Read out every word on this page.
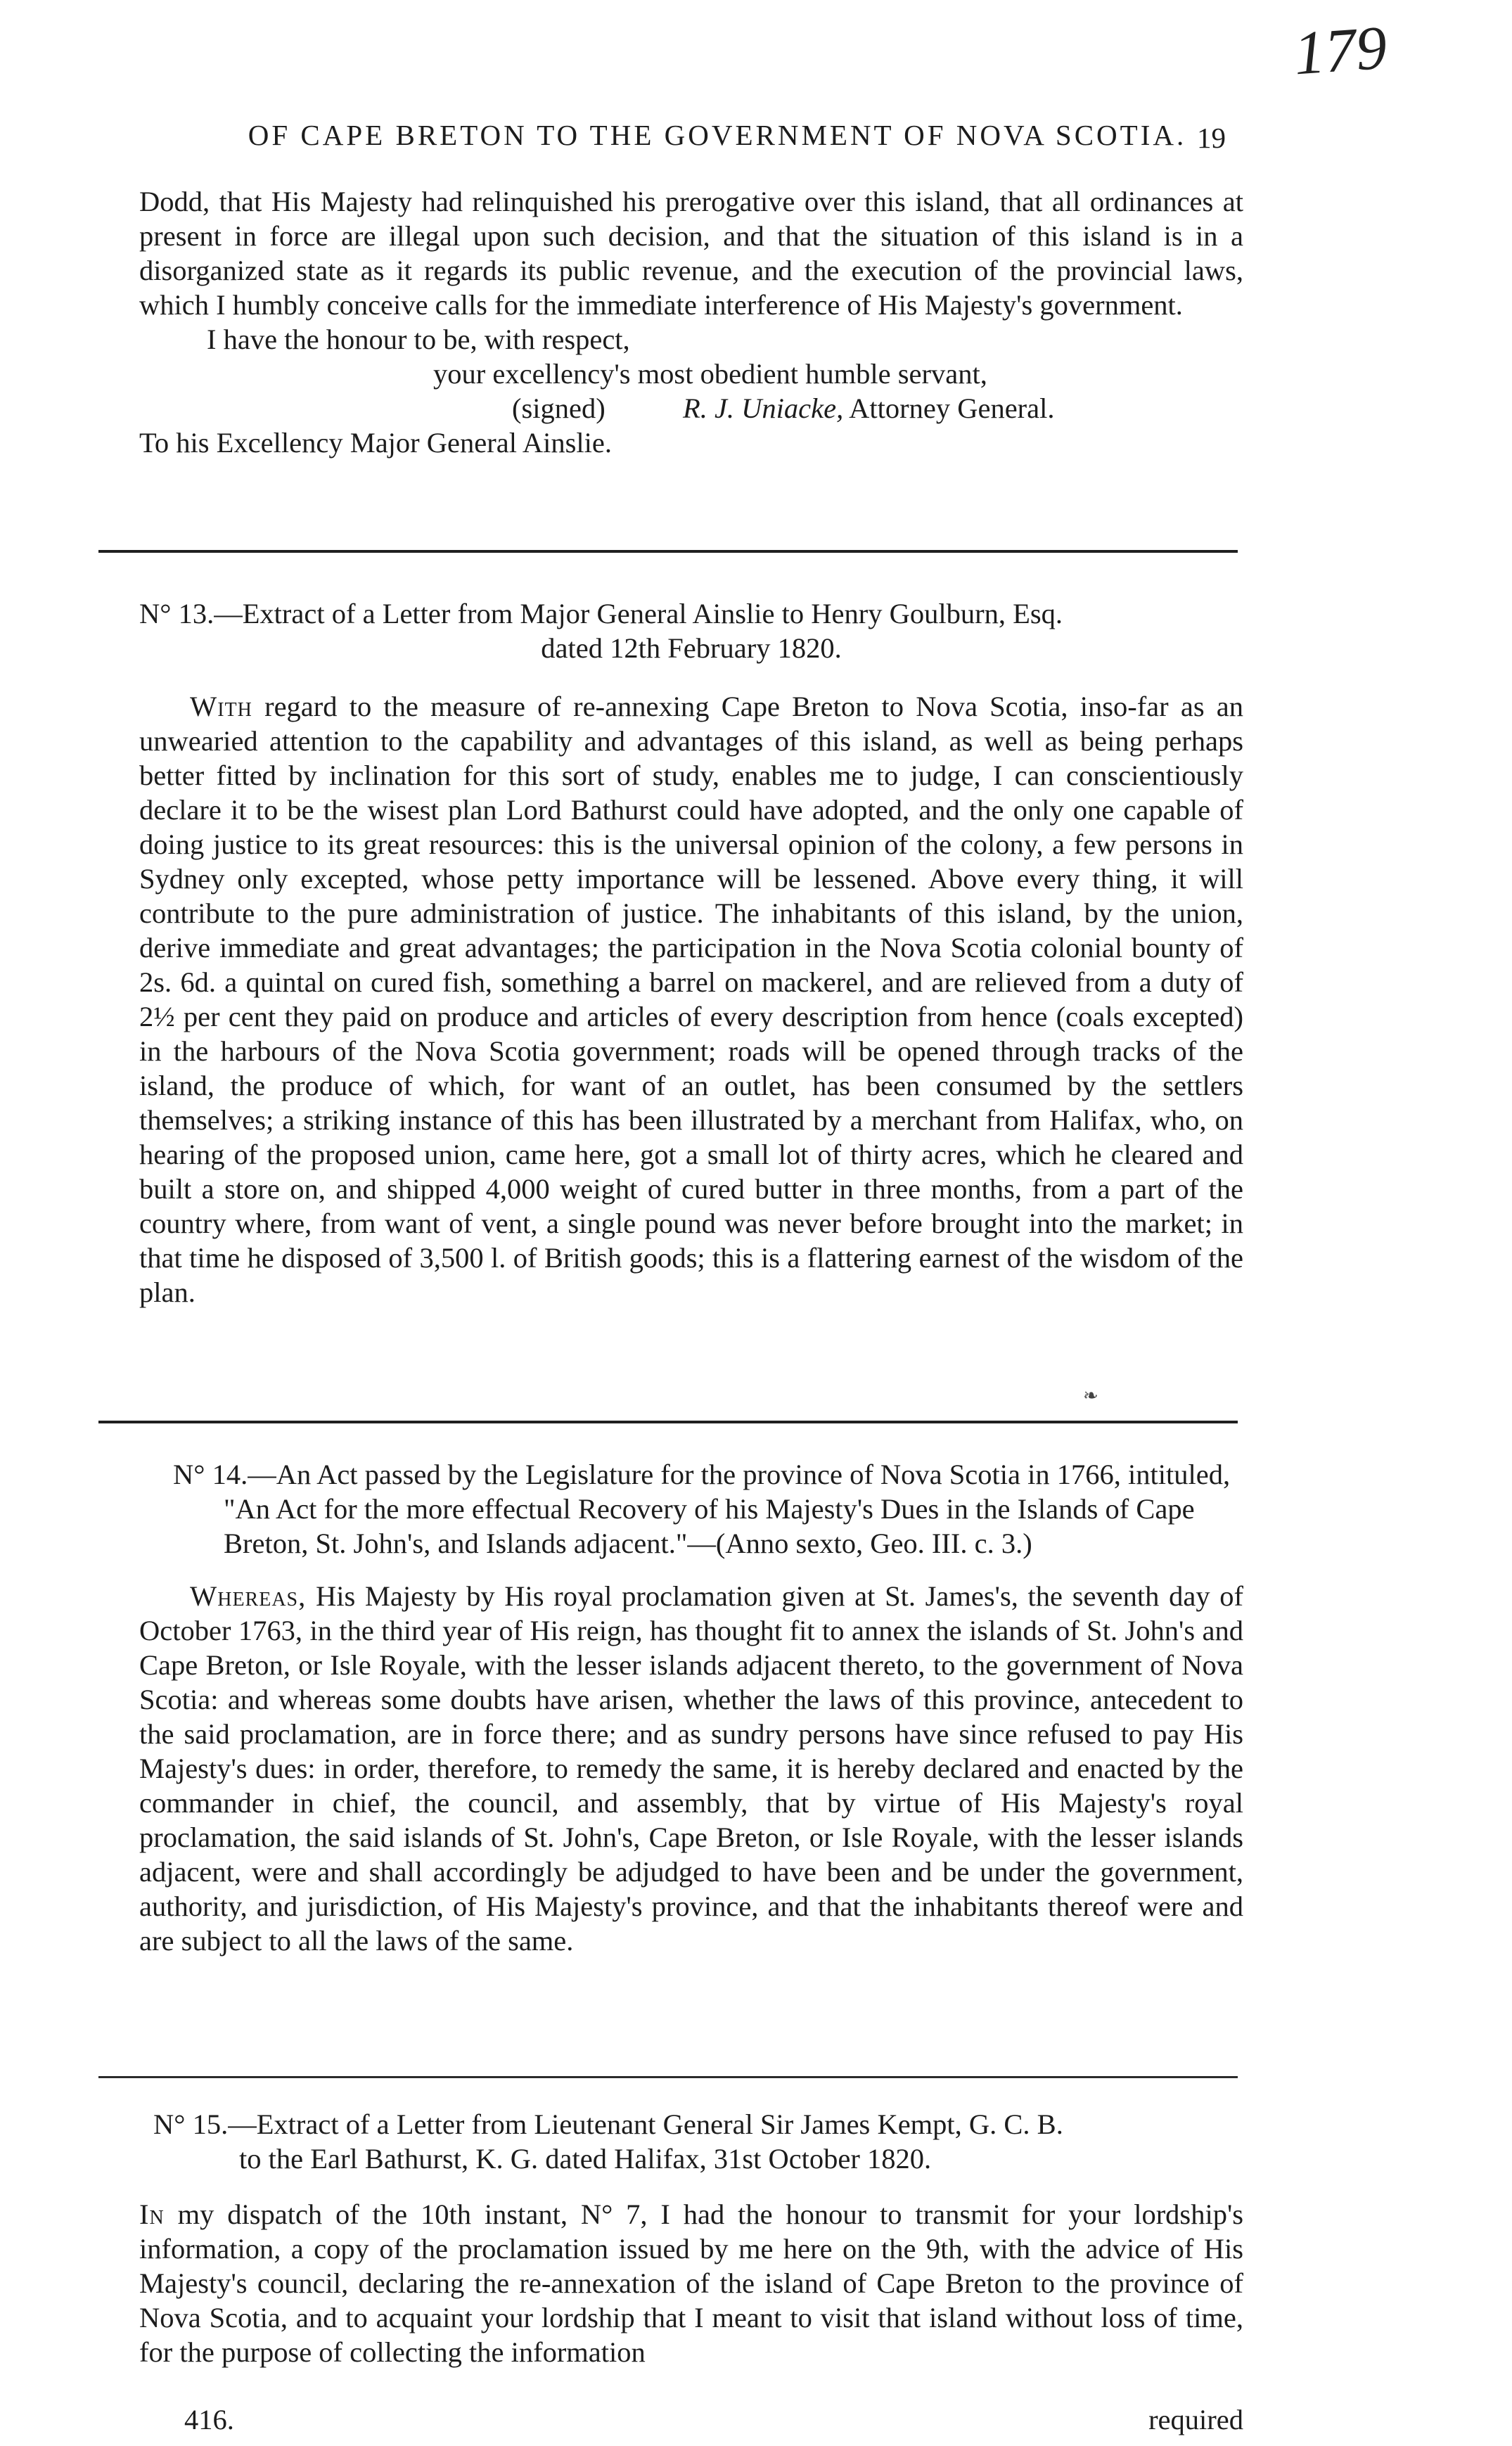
179
OF CAPE BRETON TO THE GOVERNMENT OF NOVA SCOTIA. 19

Dodd, that His Majesty had relinquished his prerogative over this island, that all ordinances at present in force are illegal upon such decision, and that the situation of this island is in a disorganized state as it regards its public revenue, and the execution of the provincial laws, which I humbly conceive calls for the immediate interference of His Majesty's government.

I have the honour to be, with respect,

your excellency's most obedient humble servant,

(signed)	R. J. Uniacke, Attorney General.

To his Excellency Major General Ainslie.

N° 13.—Extract of a Letter from Major General Ainslie to Henry Goulburn, Esq.

dated 12th February 1820.

With regard to the measure of re-annexing Cape Breton to Nova Scotia, inso-far as an unwearied attention to the capability and advantages of this island, as well as being perhaps better fitted by inclination for this sort of study, enables me to judge, I can conscientiously declare it to be the wisest plan Lord Bathurst could have adopted, and the only one capable of doing justice to its great resources: this is the universal opinion of the colony, a few persons in Sydney only excepted, whose petty importance will be lessened. Above every thing, it will contribute to the pure administration of justice. The inhabitants of this island, by the union, derive immediate and great advantages; the participation in the Nova Scotia colonial bounty of 2s. 6d. a quintal on cured fish, something a barrel on mackerel, and are relieved from a duty of 2½ per cent they paid on produce and articles of every description from hence (coals excepted) in the harbours of the Nova Scotia government; roads will be opened through tracks of the island, the produce of which, for want of an outlet, has been consumed by the settlers themselves; a striking instance of this has been illustrated by a merchant from Halifax, who, on hearing of the proposed union, came here, got a small lot of thirty acres, which he cleared and built a store on, and shipped 4,000 weight of cured butter in three months, from a part of the country where, from want of vent, a single pound was never before brought into the market; in that time he disposed of 3,500 l. of British goods; this is a flattering earnest of the wisdom of the plan.

❧

N° 14.—An Act passed by the Legislature for the province of Nova Scotia in 1766, intituled, "An Act for the more effectual Recovery of his Majesty's Dues in the Islands of Cape Breton, St. John's, and Islands adjacent."—(Anno sexto, Geo. III. c. 3.)

Whereas, His Majesty by His royal proclamation given at St. James's, the seventh day of October 1763, in the third year of His reign, has thought fit to annex the islands of St. John's and Cape Breton, or Isle Royale, with the lesser islands adjacent thereto, to the government of Nova Scotia: and whereas some doubts have arisen, whether the laws of this province, antecedent to the said proclamation, are in force there; and as sundry persons have since refused to pay His Majesty's dues: in order, therefore, to remedy the same, it is hereby declared and enacted by the commander in chief, the council, and assembly, that by virtue of His Majesty's royal proclamation, the said islands of St. John's, Cape Breton, or Isle Royale, with the lesser islands adjacent, were and shall accordingly be adjudged to have been and be under the government, authority, and jurisdiction, of His Majesty's province, and that the inhabitants thereof were and are subject to all the laws of the same.

N° 15.—Extract of a Letter from Lieutenant General Sir James Kempt, G. C. B.

to the Earl Bathurst, K. G. dated Halifax, 31st October 1820.

In my dispatch of the 10th instant, N° 7, I had the honour to transmit for your lordship's information, a copy of the proclamation issued by me here on the 9th, with the advice of His Majesty's council, declaring the re-annexation of the island of Cape Breton to the province of Nova Scotia, and to acquaint your lordship that I meant to visit that island without loss of time, for the purpose of collecting the information

416.	required
